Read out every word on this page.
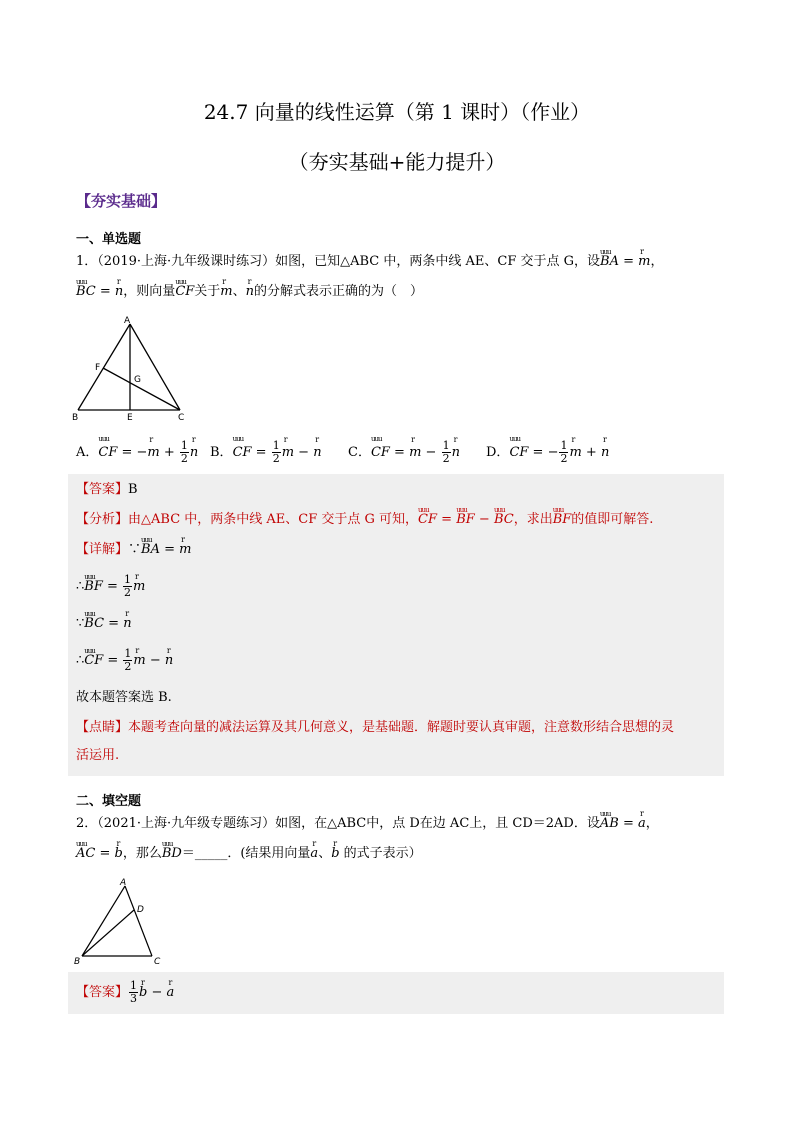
24.7 向量的线性运算（第 1 课时）（作业）
（夯实基础+能力提升）
【夯实基础】
一、单选题
1．（2019·上海·九年级课时练习）如图，已知△ABC 中，两条中线 AE、CF 交于点 G，设uuu BA = r m，
uuu BC = r n，则向量uuu CF关于r m、r n的分解式表示正确的为（　）
A
F
G
B	E	C
A．uuu CF = −r $m + \frac{1}{2}$ r n B．uuu CF = $\frac{1}{2}$ r m − r n C．uuu CF = r $m - \frac{1}{2}$ r n D．uuu CF = − $\frac{1}{2}$ r m + r n
【答案】B
【分析】由△ABC 中，两条中线 AE、CF 交于点 G 可知，uuu CF = uuu BF − uuu BC，求出uuu BF的值即可解答.
【详解】∵uuu BA = r m
∴uuu BF = $\frac{1}{2}$ r m
∵uuu BC = r n
∴uuu CF = $\frac{1}{2}$ r m − r n
故本题答案选 B.
【点睛】本题考查向量的减法运算及其几何意义，是基础题．解题时要认真审题，注意数形结合思想的灵
活运用.
二、填空题
2．（2021·上海·九年级专题练习）如图，在△ABC中，点 D在边 AC上，且 CD＝2AD．设uuu AB = r a，
uuu AC = r b，那么uuu BD＝_____．(结果用向量r a、r b 的式子表示）
A
D
B	C
【答案】 $\frac{1}{3}$ r b − r a
